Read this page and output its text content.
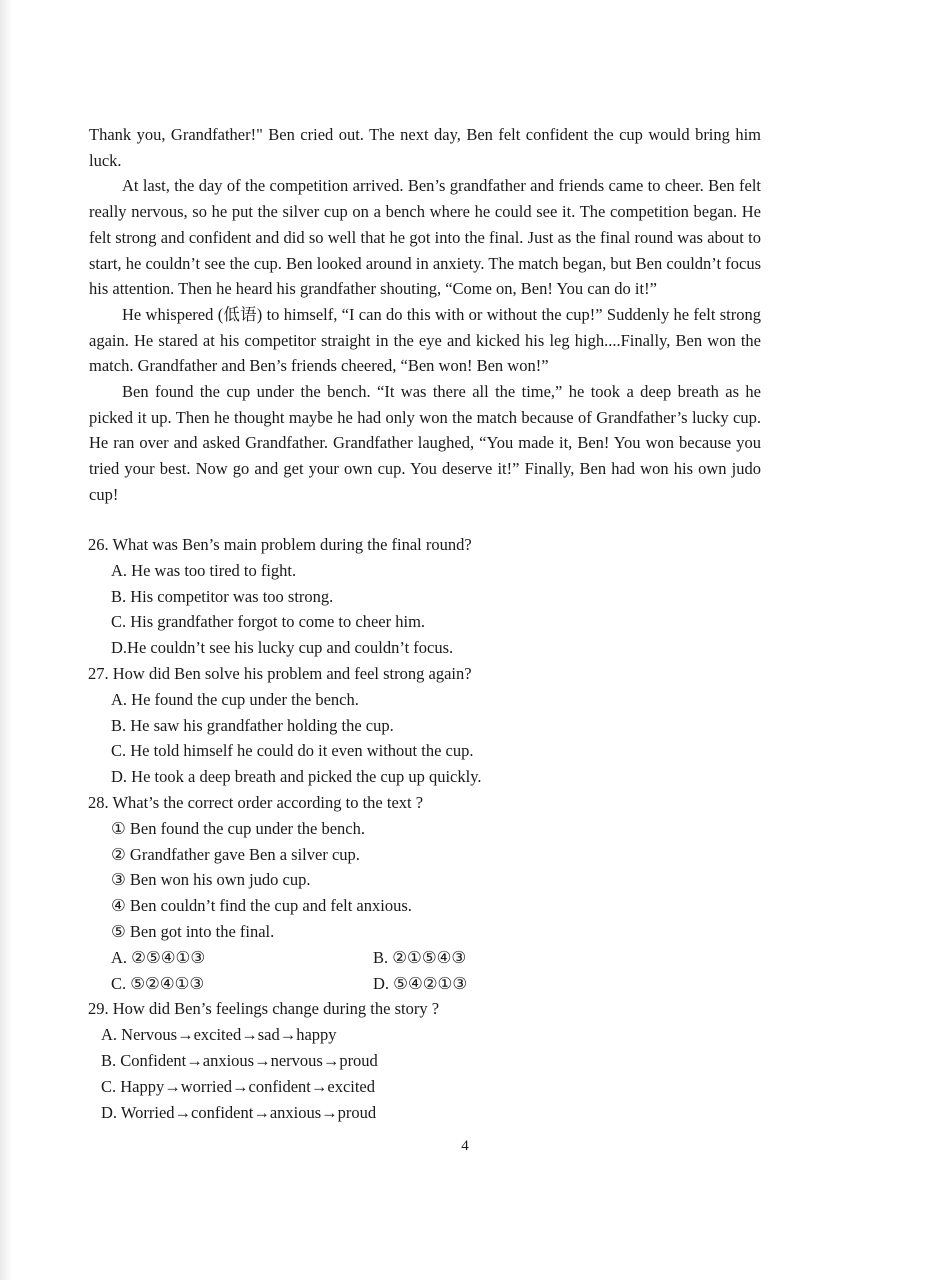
Thank you, Grandfather!" Ben cried out. The next day, Ben felt confident the cup would bring him luck.

At last, the day of the competition arrived. Ben’s grandfather and friends came to cheer. Ben felt really nervous, so he put the silver cup on a bench where he could see it. The competition began. He felt strong and confident and did so well that he got into the final. Just as the final round was about to start, he couldn’t see the cup. Ben looked around in anxiety. The match began, but Ben couldn’t focus his attention. Then he heard his grandfather shouting, “Come on, Ben! You can do it!”

He whispered (低语) to himself, “I can do this with or without the cup!” Suddenly he felt strong again. He stared at his competitor straight in the eye and kicked his leg high....Finally, Ben won the match. Grandfather and Ben’s friends cheered, “Ben won! Ben won!”

Ben found the cup under the bench. “It was there all the time,” he took a deep breath as he picked it up. Then he thought maybe he had only won the match because of Grandfather’s lucky cup. He ran over and asked Grandfather. Grandfather laughed, “You made it, Ben! You won because you tried your best. Now go and get your own cup. You deserve it!” Finally, Ben had won his own judo cup!

26. What was Ben’s main problem during the final round?

A. He was too tired to fight.

B. His competitor was too strong.

C. His grandfather forgot to come to cheer him.

D.He couldn’t see his lucky cup and couldn’t focus.

27. How did Ben solve his problem and feel strong again?

A. He found the cup under the bench.

B. He saw his grandfather holding the cup.

C. He told himself he could do it even without the cup.

D. He took a deep breath and picked the cup up quickly.

28. What’s the correct order according to the text ?

① Ben found the cup under the bench.

② Grandfather gave Ben a silver cup.

③ Ben won his own judo cup.

④ Ben couldn’t find the cup and felt anxious.

⑤ Ben got into the final.

A. ②⑤④①③	B. ②①⑤④③

C. ⑤②④①③	D. ⑤④②①③

29. How did Ben’s feelings change during the story ?

A. Nervous→excited→sad→happy

B. Confident→anxious→nervous→proud

C. Happy→worried→confident→excited

D. Worried→confident→anxious→proud

4
